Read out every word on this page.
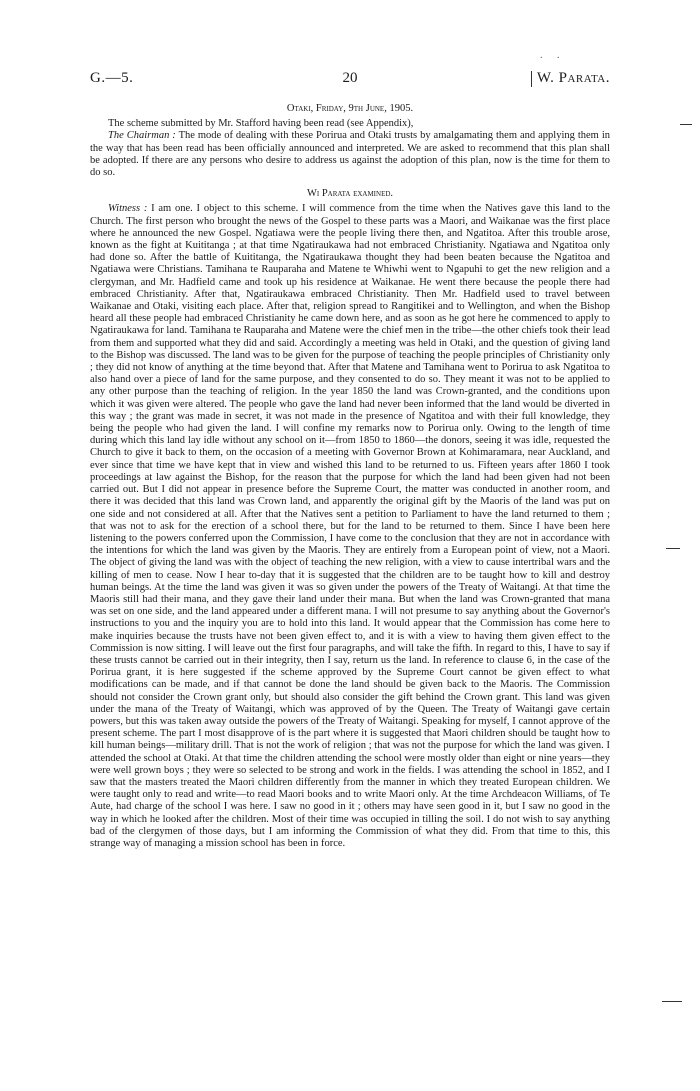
. .
G.—5.	20	W. Parata.
Otaki, Friday, 9th June, 1905.

The scheme submitted by Mr. Stafford having been read (see Appendix),

The Chairman : The mode of dealing with these Porirua and Otaki trusts by amalgamating them and applying them in the way that has been read has been officially announced and interpreted. We are asked to recommend that this plan shall be adopted. If there are any persons who desire to address us against the adoption of this plan, now is the time for them to do so.

Wi Parata examined.

Witness : I am one. I object to this scheme. I will commence from the time when the Natives gave this land to the Church. The first person who brought the news of the Gospel to these parts was a Maori, and Waikanae was the first place where he announced the new Gospel. Ngatiawa were the people living there then, and Ngatitoa. After this trouble arose, known as the fight at Kuititanga ; at that time Ngatiraukawa had not embraced Christianity. Ngatiawa and Ngatitoa only had done so. After the battle of Kuititanga, the Ngatiraukawa thought they had been beaten because the Ngatitoa and Ngatiawa were Christians. Tamihana te Rauparaha and Matene te Whiwhi went to Ngapuhi to get the new religion and a clergyman, and Mr. Hadfield came and took up his residence at Waikanae. He went there because the people there had embraced Christianity. After that, Ngatiraukawa embraced Christianity. Then Mr. Hadfield used to travel between Waikanae and Otaki, visiting each place. After that, religion spread to Rangitikei and to Wellington, and when the Bishop heard all these people had embraced Christianity he came down here, and as soon as he got here he commenced to apply to Ngatiraukawa for land. Tamihana te Rauparaha and Matene were the chief men in the tribe—the other chiefs took their lead from them and supported what they did and said. Accordingly a meeting was held in Otaki, and the question of giving land to the Bishop was discussed. The land was to be given for the purpose of teaching the people principles of Christianity only ; they did not know of anything at the time beyond that. After that Matene and Tamihana went to Porirua to ask Ngatitoa to also hand over a piece of land for the same purpose, and they consented to do so. They meant it was not to be applied to any other purpose than the teaching of religion. In the year 1850 the land was Crown-granted, and the conditions upon which it was given were altered. The people who gave the land had never been informed that the land would be diverted in this way ; the grant was made in secret, it was not made in the presence of Ngatitoa and with their full knowledge, they being the people who had given the land. I will confine my remarks now to Porirua only. Owing to the length of time during which this land lay idle without any school on it—from 1850 to 1860—the donors, seeing it was idle, requested the Church to give it back to them, on the occasion of a meeting with Governor Brown at Kohimaramara, near Auckland, and ever since that time we have kept that in view and wished this land to be returned to us. Fifteen years after 1860 I took proceedings at law against the Bishop, for the reason that the purpose for which the land had been given had not been carried out. But I did not appear in presence before the Supreme Court, the matter was conducted in another room, and there it was decided that this land was Crown land, and apparently the original gift by the Maoris of the land was put on one side and not considered at all. After that the Natives sent a petition to Parliament to have the land returned to them ; that was not to ask for the erection of a school there, but for the land to be returned to them. Since I have been here listening to the powers conferred upon the Commission, I have come to the conclusion that they are not in accordance with the intentions for which the land was given by the Maoris. They are entirely from a European point of view, not a Maori. The object of giving the land was with the object of teaching the new religion, with a view to cause intertribal wars and the killing of men to cease. Now I hear to-day that it is suggested that the children are to be taught how to kill and destroy human beings. At the time the land was given it was so given under the powers of the Treaty of Waitangi. At that time the Maoris still had their mana, and they gave their land under their mana. But when the land was Crown-granted that mana was set on one side, and the land appeared under a different mana. I will not presume to say anything about the Governor's instructions to you and the inquiry you are to hold into this land. It would appear that the Commission has come here to make inquiries because the trusts have not been given effect to, and it is with a view to having them given effect to the Commission is now sitting. I will leave out the first four paragraphs, and will take the fifth. In regard to this, I have to say if these trusts cannot be carried out in their integrity, then I say, return us the land. In reference to clause 6, in the case of the Porirua grant, it is here suggested if the scheme approved by the Supreme Court cannot be given effect to what modifications can be made, and if that cannot be done the land should be given back to the Maoris. The Commission should not consider the Crown grant only, but should also consider the gift behind the Crown grant. This land was given under the mana of the Treaty of Waitangi, which was approved of by the Queen. The Treaty of Waitangi gave certain powers, but this was taken away outside the powers of the Treaty of Waitangi. Speaking for myself, I cannot approve of the present scheme. The part I most disapprove of is the part where it is suggested that Maori children should be taught how to kill human beings—military drill. That is not the work of religion ; that was not the purpose for which the land was given. I attended the school at Otaki. At that time the children attending the school were mostly older than eight or nine years—they were well grown boys ; they were so selected to be strong and work in the fields. I was attending the school in 1852, and I saw that the masters treated the Maori children differently from the manner in which they treated European children. We were taught only to read and write—to read Maori books and to write Maori only. At the time Archdeacon Williams, of Te Aute, had charge of the school I was here. I saw no good in it ; others may have seen good in it, but I saw no good in the way in which he looked after the children. Most of their time was occupied in tilling the soil. I do not wish to say anything bad of the clergymen of those days, but I am informing the Commission of what they did. From that time to this, this strange way of managing a mission school has been in force.
